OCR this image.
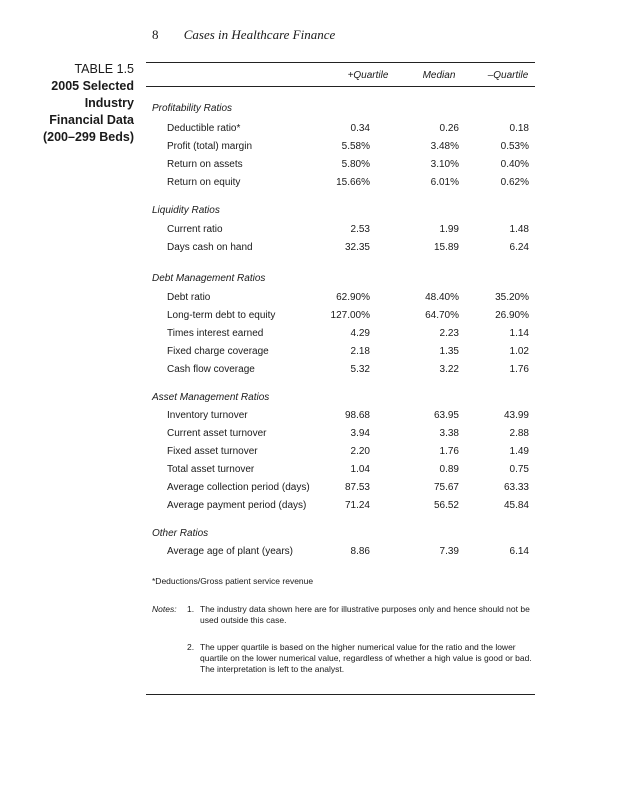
8 Cases in Healthcare Finance
TABLE 1.5
2005 Selected Industry
Financial Data
(200–299 Beds)
+Quartile	Median	–Quartile
Profitability Ratios
Deductible ratio*	0.34	0.26	0.18
Profit (total) margin	5.58%	3.48%	0.53%
Return on assets	5.80%	3.10%	0.40%
Return on equity	15.66%	6.01%	0.62%
Liquidity Ratios
Current ratio	2.53	1.99	1.48
Days cash on hand	32.35	15.89	6.24
Debt Management Ratios
Debt ratio	62.90%	48.40%	35.20%
Long-term debt to equity	127.00%	64.70%	26.90%
Times interest earned	4.29	2.23	1.14
Fixed charge coverage	2.18	1.35	1.02
Cash flow coverage	5.32	3.22	1.76
Asset Management Ratios
Inventory turnover	98.68	63.95	43.99
Current asset turnover	3.94	3.38	2.88
Fixed asset turnover	2.20	1.76	1.49
Total asset turnover	1.04	0.89	0.75
Average collection period (days)	87.53	75.67	63.33
Average payment period (days)	71.24	56.52	45.84
Other Ratios
Average age of plant (years)	8.86	7.39	6.14
*Deductions/Gross patient service revenue
Notes: 1. The industry data shown here are for illustrative purposes only and hence should not be used outside this case.
2. The upper quartile is based on the higher numerical value for the ratio and the lower quartile on the lower numerical value, regardless of whether a high value is good or bad. The interpretation is left to the analyst.
